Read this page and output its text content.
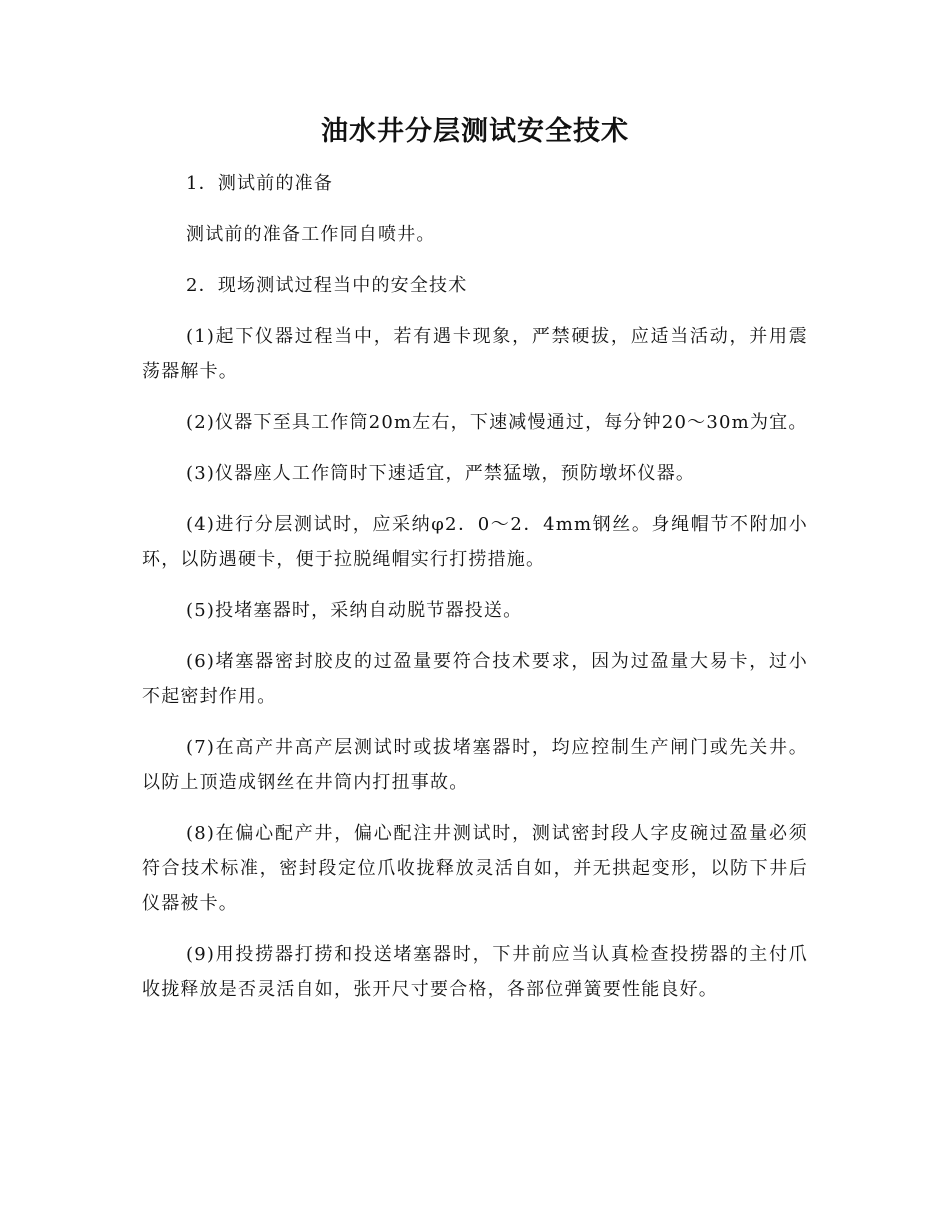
油水井分层测试安全技术

1．测试前的准备

测试前的准备工作同自喷井。

2．现场测试过程当中的安全技术

(1)起下仪器过程当中，若有遇卡现象，严禁硬拔，应适当活动，并用震荡器解卡。

(2)仪器下至具工作筒20m左右，下速减慢通过，每分钟20～30m为宜。

(3)仪器座人工作筒时下速适宜，严禁猛墩，预防墩坏仪器。

(4)进行分层测试时，应采纳φ2．0～2．4mm钢丝。身绳帽节不附加小环，以防遇硬卡，便于拉脱绳帽实行打捞措施。

(5)投堵塞器时，采纳自动脱节器投送。

(6)堵塞器密封胶皮的过盈量要符合技术要求，因为过盈量大易卡，过小不起密封作用。

(7)在高产井高产层测试时或拔堵塞器时，均应控制生产闸门或先关井。以防上顶造成钢丝在井筒内打扭事故。

(8)在偏心配产井，偏心配注井测试时，测试密封段人字皮碗过盈量必须符合技术标准，密封段定位爪收拢释放灵活自如，并无拱起变形，以防下井后仪器被卡。

(9)用投捞器打捞和投送堵塞器时，下井前应当认真检查投捞器的主付爪收拢释放是否灵活自如，张开尺寸要合格，各部位弹簧要性能良好。
